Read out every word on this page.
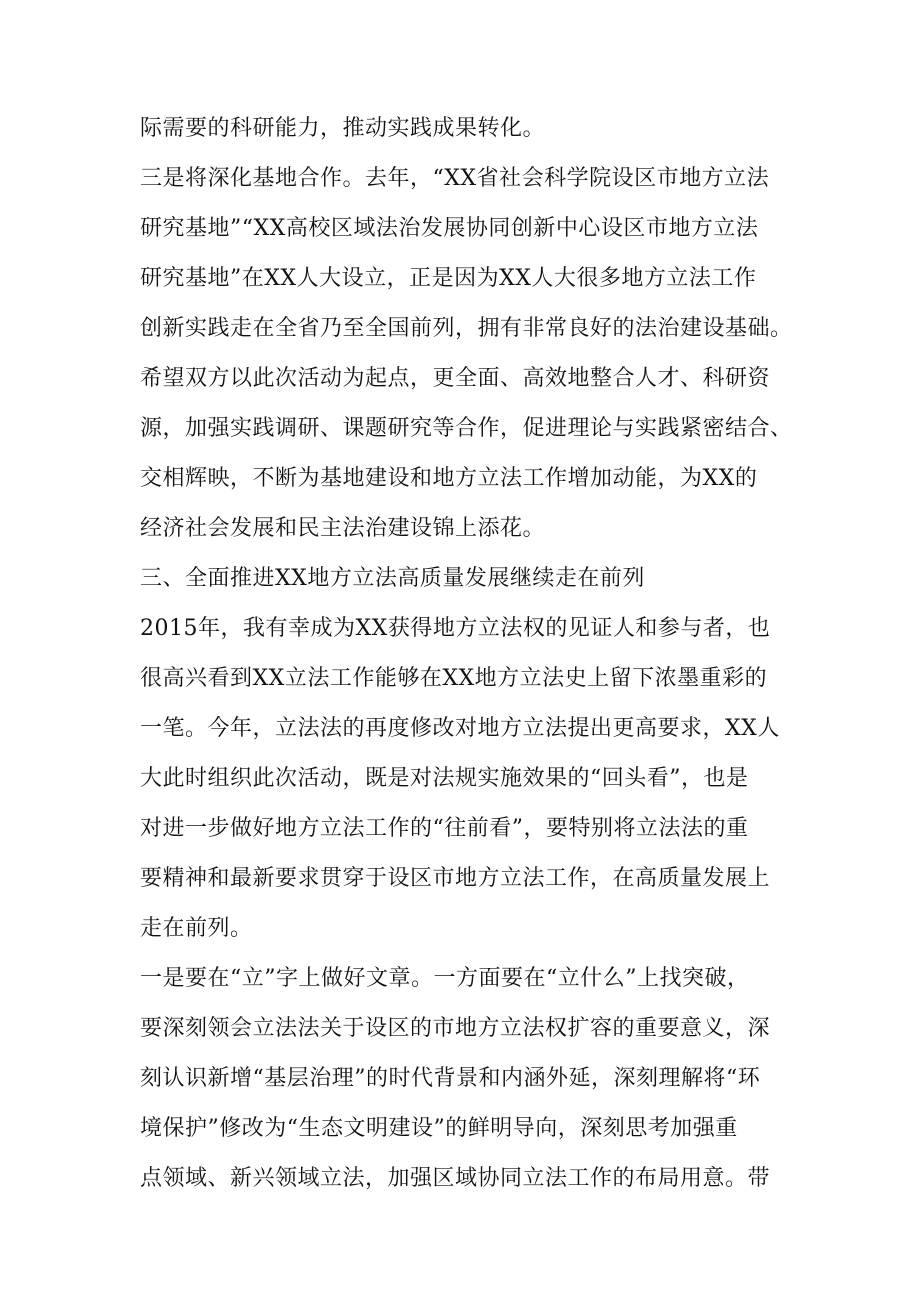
际需要的科研能力，推动实践成果转化。
三是将深化基地合作。去年，“XX省社会科学院设区市地方立法
研究基地”“XX高校区域法治发展协同创新中心设区市地方立法
研究基地”在XX人大设立，正是因为XX人大很多地方立法工作
创新实践走在全省乃至全国前列，拥有非常良好的法治建设基础。
希望双方以此次活动为起点，更全面、高效地整合人才、科研资
源，加强实践调研、课题研究等合作，促进理论与实践紧密结合、
交相辉映，不断为基地建设和地方立法工作增加动能，为XX的
经济社会发展和民主法治建设锦上添花。
三、全面推进XX地方立法高质量发展继续走在前列
2015年，我有幸成为XX获得地方立法权的见证人和参与者，也
很高兴看到XX立法工作能够在XX地方立法史上留下浓墨重彩的
一笔。今年，立法法的再度修改对地方立法提出更高要求，XX人
大此时组织此次活动，既是对法规实施效果的“回头看”，也是
对进一步做好地方立法工作的“往前看”，要特别将立法法的重
要精神和最新要求贯穿于设区市地方立法工作，在高质量发展上
走在前列。
一是要在“立”字上做好文章。一方面要在“立什么”上找突破，
要深刻领会立法法关于设区的市地方立法权扩容的重要意义，深
刻认识新增“基层治理”的时代背景和内涵外延，深刻理解将“环
境保护”修改为“生态文明建设”的鲜明导向，深刻思考加强重
点领域、新兴领域立法，加强区域协同立法工作的布局用意。带
